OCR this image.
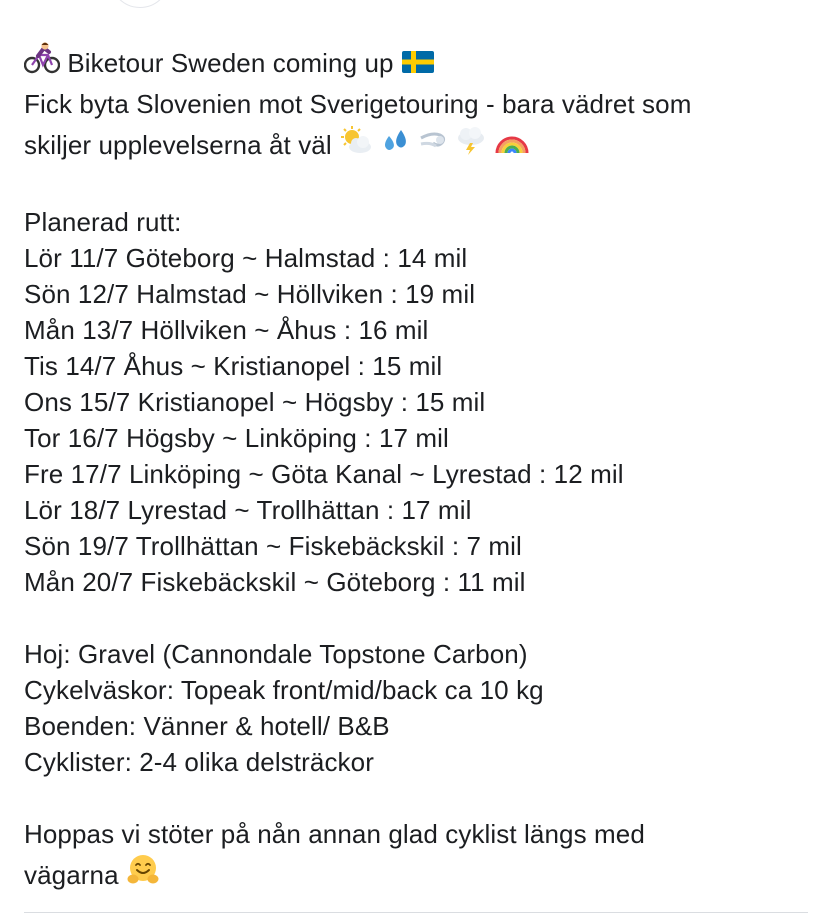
Biketour Sweden coming up
Fick byta Slovenien mot Sverigetouring - bara vädret som
skiljer upplevelserna åt väl
Planerad rutt:
Lör 11/7 Göteborg ~ Halmstad : 14 mil
Sön 12/7 Halmstad ~ Höllviken : 19 mil
Mån 13/7 Höllviken ~ Åhus : 16 mil
Tis 14/7 Åhus ~ Kristianopel : 15 mil
Ons 15/7 Kristianopel ~ Högsby : 15 mil
Tor 16/7 Högsby ~ Linköping : 17 mil
Fre 17/7 Linköping ~ Göta Kanal ~ Lyrestad : 12 mil
Lör 18/7 Lyrestad ~ Trollhättan : 17 mil
Sön 19/7 Trollhättan ~ Fiskebäckskil : 7 mil
Mån 20/7 Fiskebäckskil ~ Göteborg : 11 mil
Hoj: Gravel (Cannondale Topstone Carbon)
Cykelväskor: Topeak front/mid/back ca 10 kg
Boenden: Vänner & hotell/ B&B
Cyklister: 2-4 olika delsträckor
Hoppas vi stöter på nån annan glad cyklist längs med
vägarna
